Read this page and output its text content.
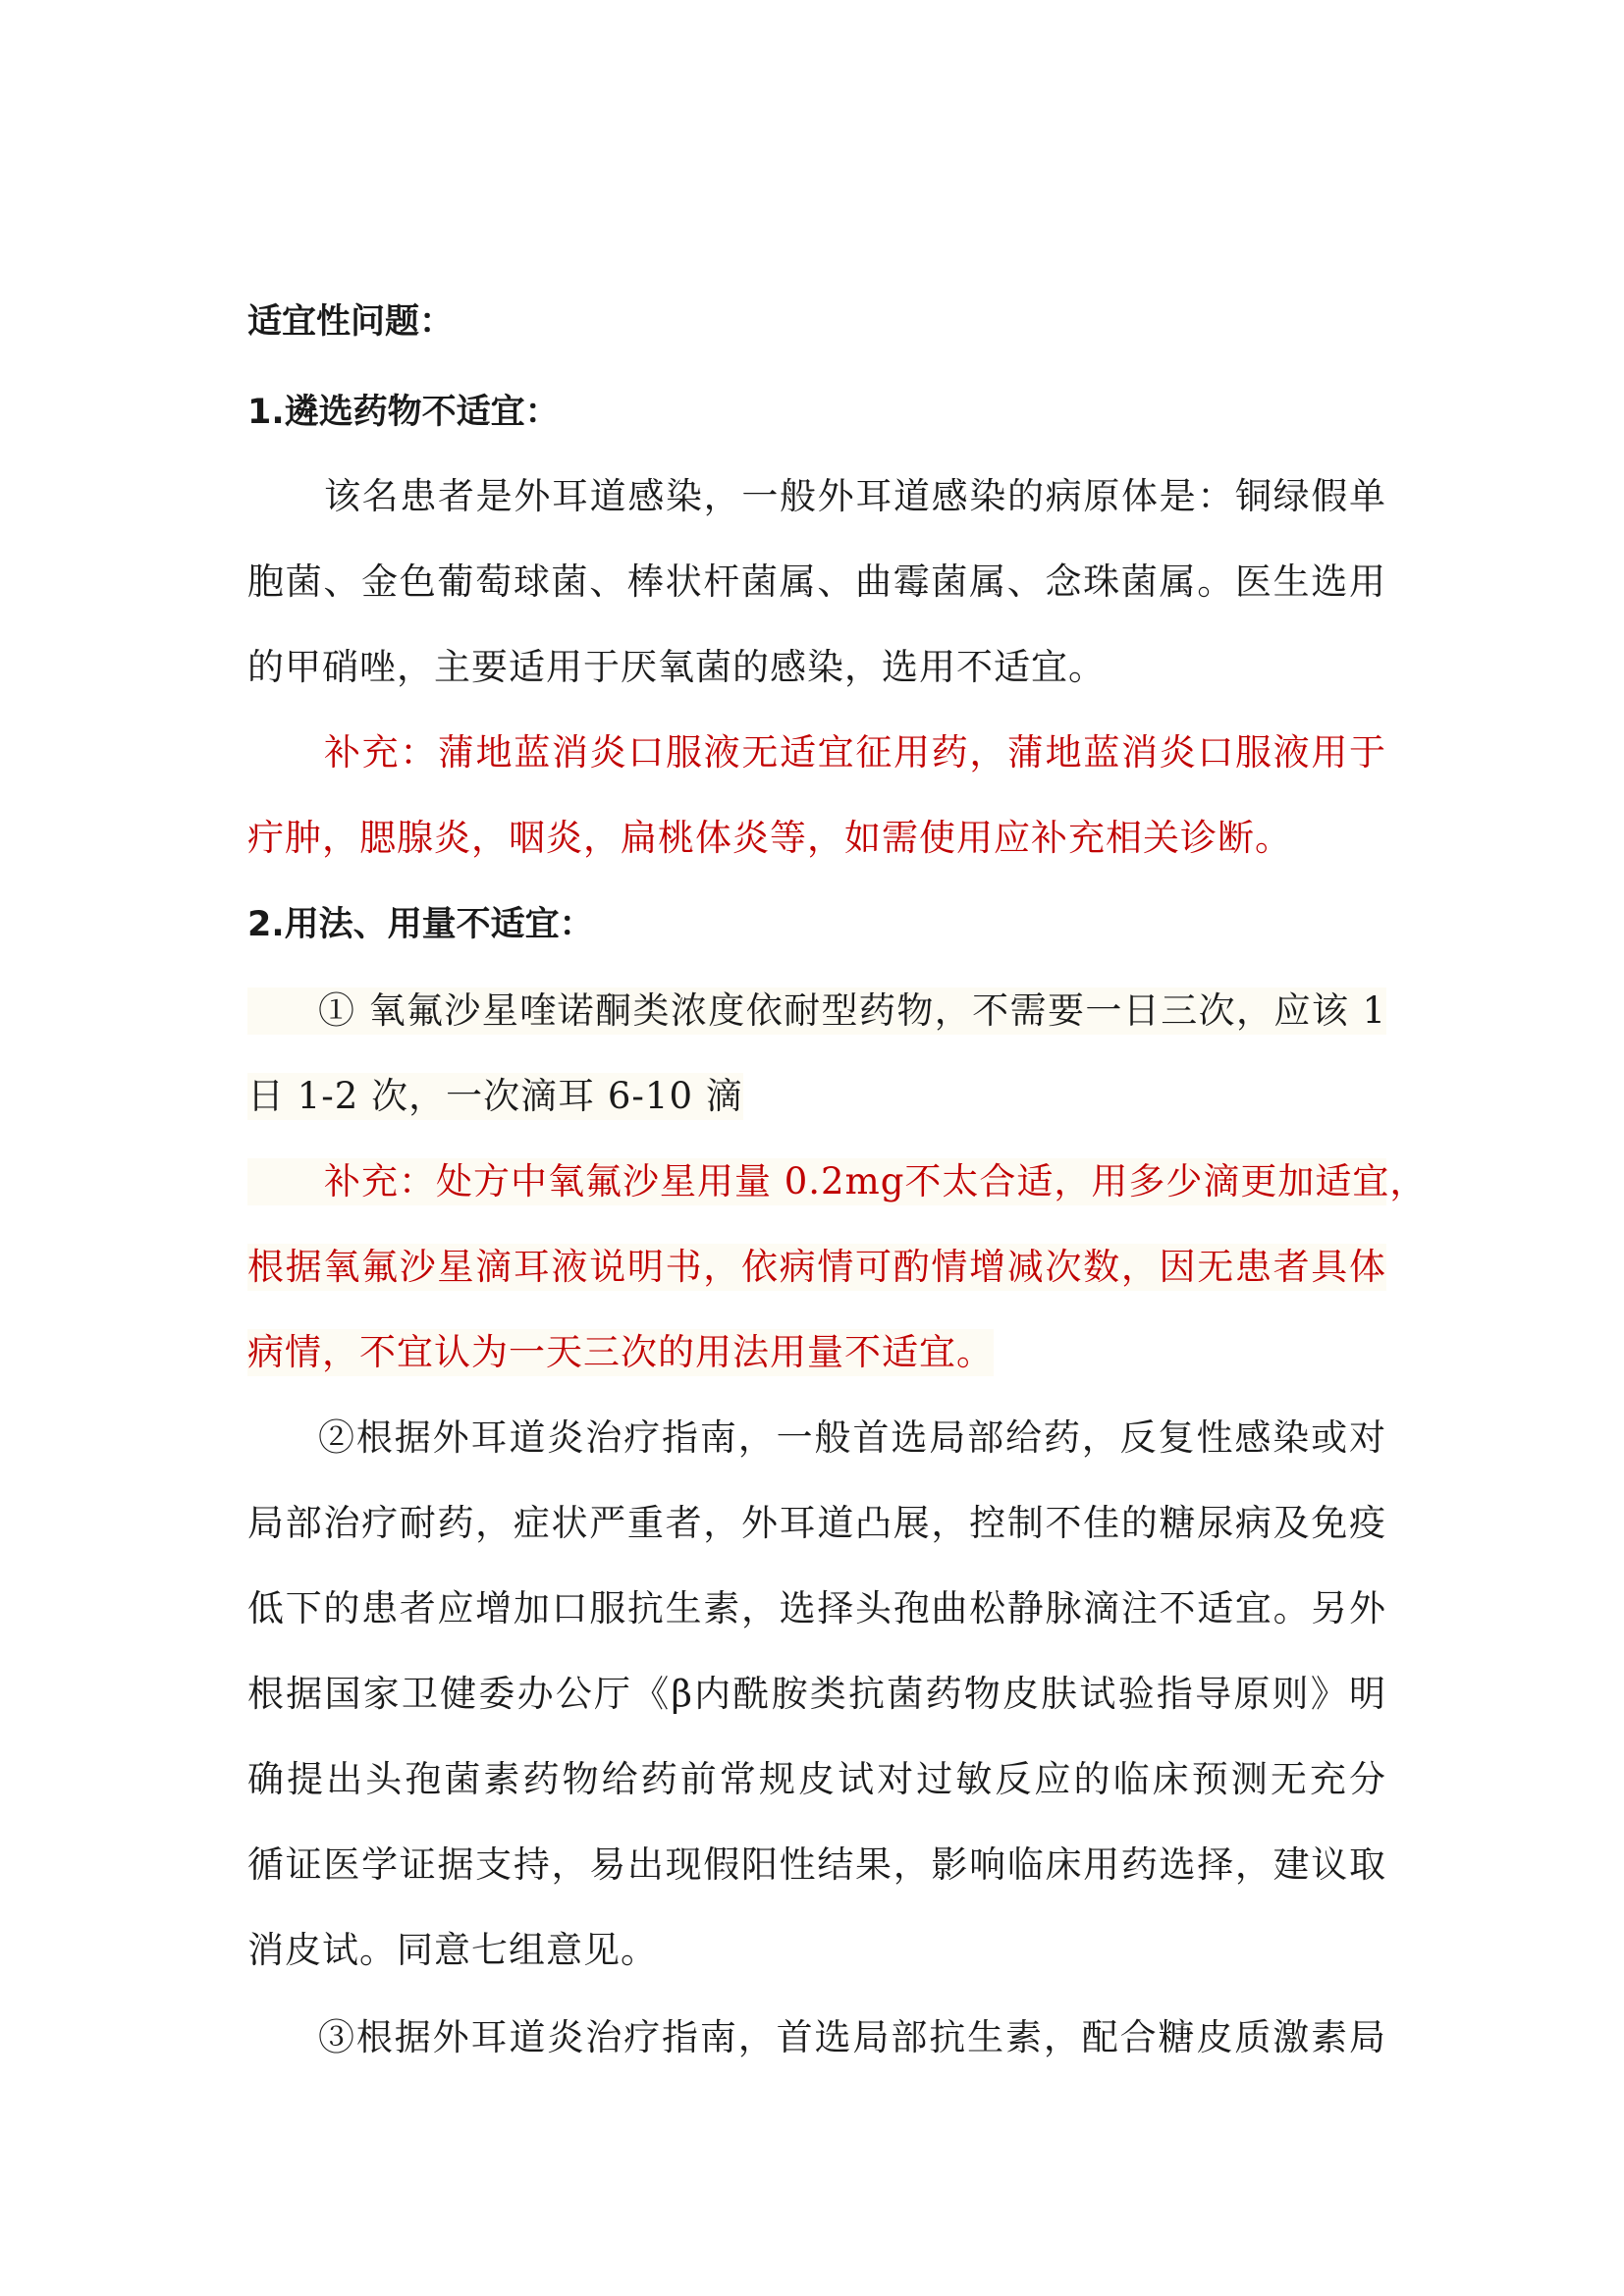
适宜性问题：
1.遴选药物不适宜：
该名患者是外耳道感染，一般外耳道感染的病原体是：铜绿假单
胞菌、金色葡萄球菌、棒状杆菌属、曲霉菌属、念珠菌属。医生选用
的甲硝唑，主要适用于厌氧菌的感染，选用不适宜。
补充：蒲地蓝消炎口服液无适宜征用药，蒲地蓝消炎口服液用于
疔肿，腮腺炎，咽炎，扁桃体炎等，如需使用应补充相关诊断。
2.用法、用量不适宜：
① 氧氟沙星喹诺酮类浓度依耐型药物，不需要一日三次，应该 1
日 1-2 次，一次滴耳 6-10 滴
补充：处方中氧氟沙星用量 0.2mg不太合适，用多少滴更加适宜，
根据氧氟沙星滴耳液说明书，依病情可酌情增减次数，因无患者具体
病情，不宜认为一天三次的用法用量不适宜。
②根据外耳道炎治疗指南，一般首选局部给药，反复性感染或对
局部治疗耐药，症状严重者，外耳道凸展，控制不佳的糖尿病及免疫
低下的患者应增加口服抗生素，选择头孢曲松静脉滴注不适宜。另外
根据国家卫健委办公厅《β内酰胺类抗菌药物皮肤试验指导原则》明
确提出头孢菌素药物给药前常规皮试对过敏反应的临床预测无充分
循证医学证据支持，易出现假阳性结果，影响临床用药选择，建议取
消皮试。同意七组意见。
③根据外耳道炎治疗指南，首选局部抗生素，配合糖皮质激素局
